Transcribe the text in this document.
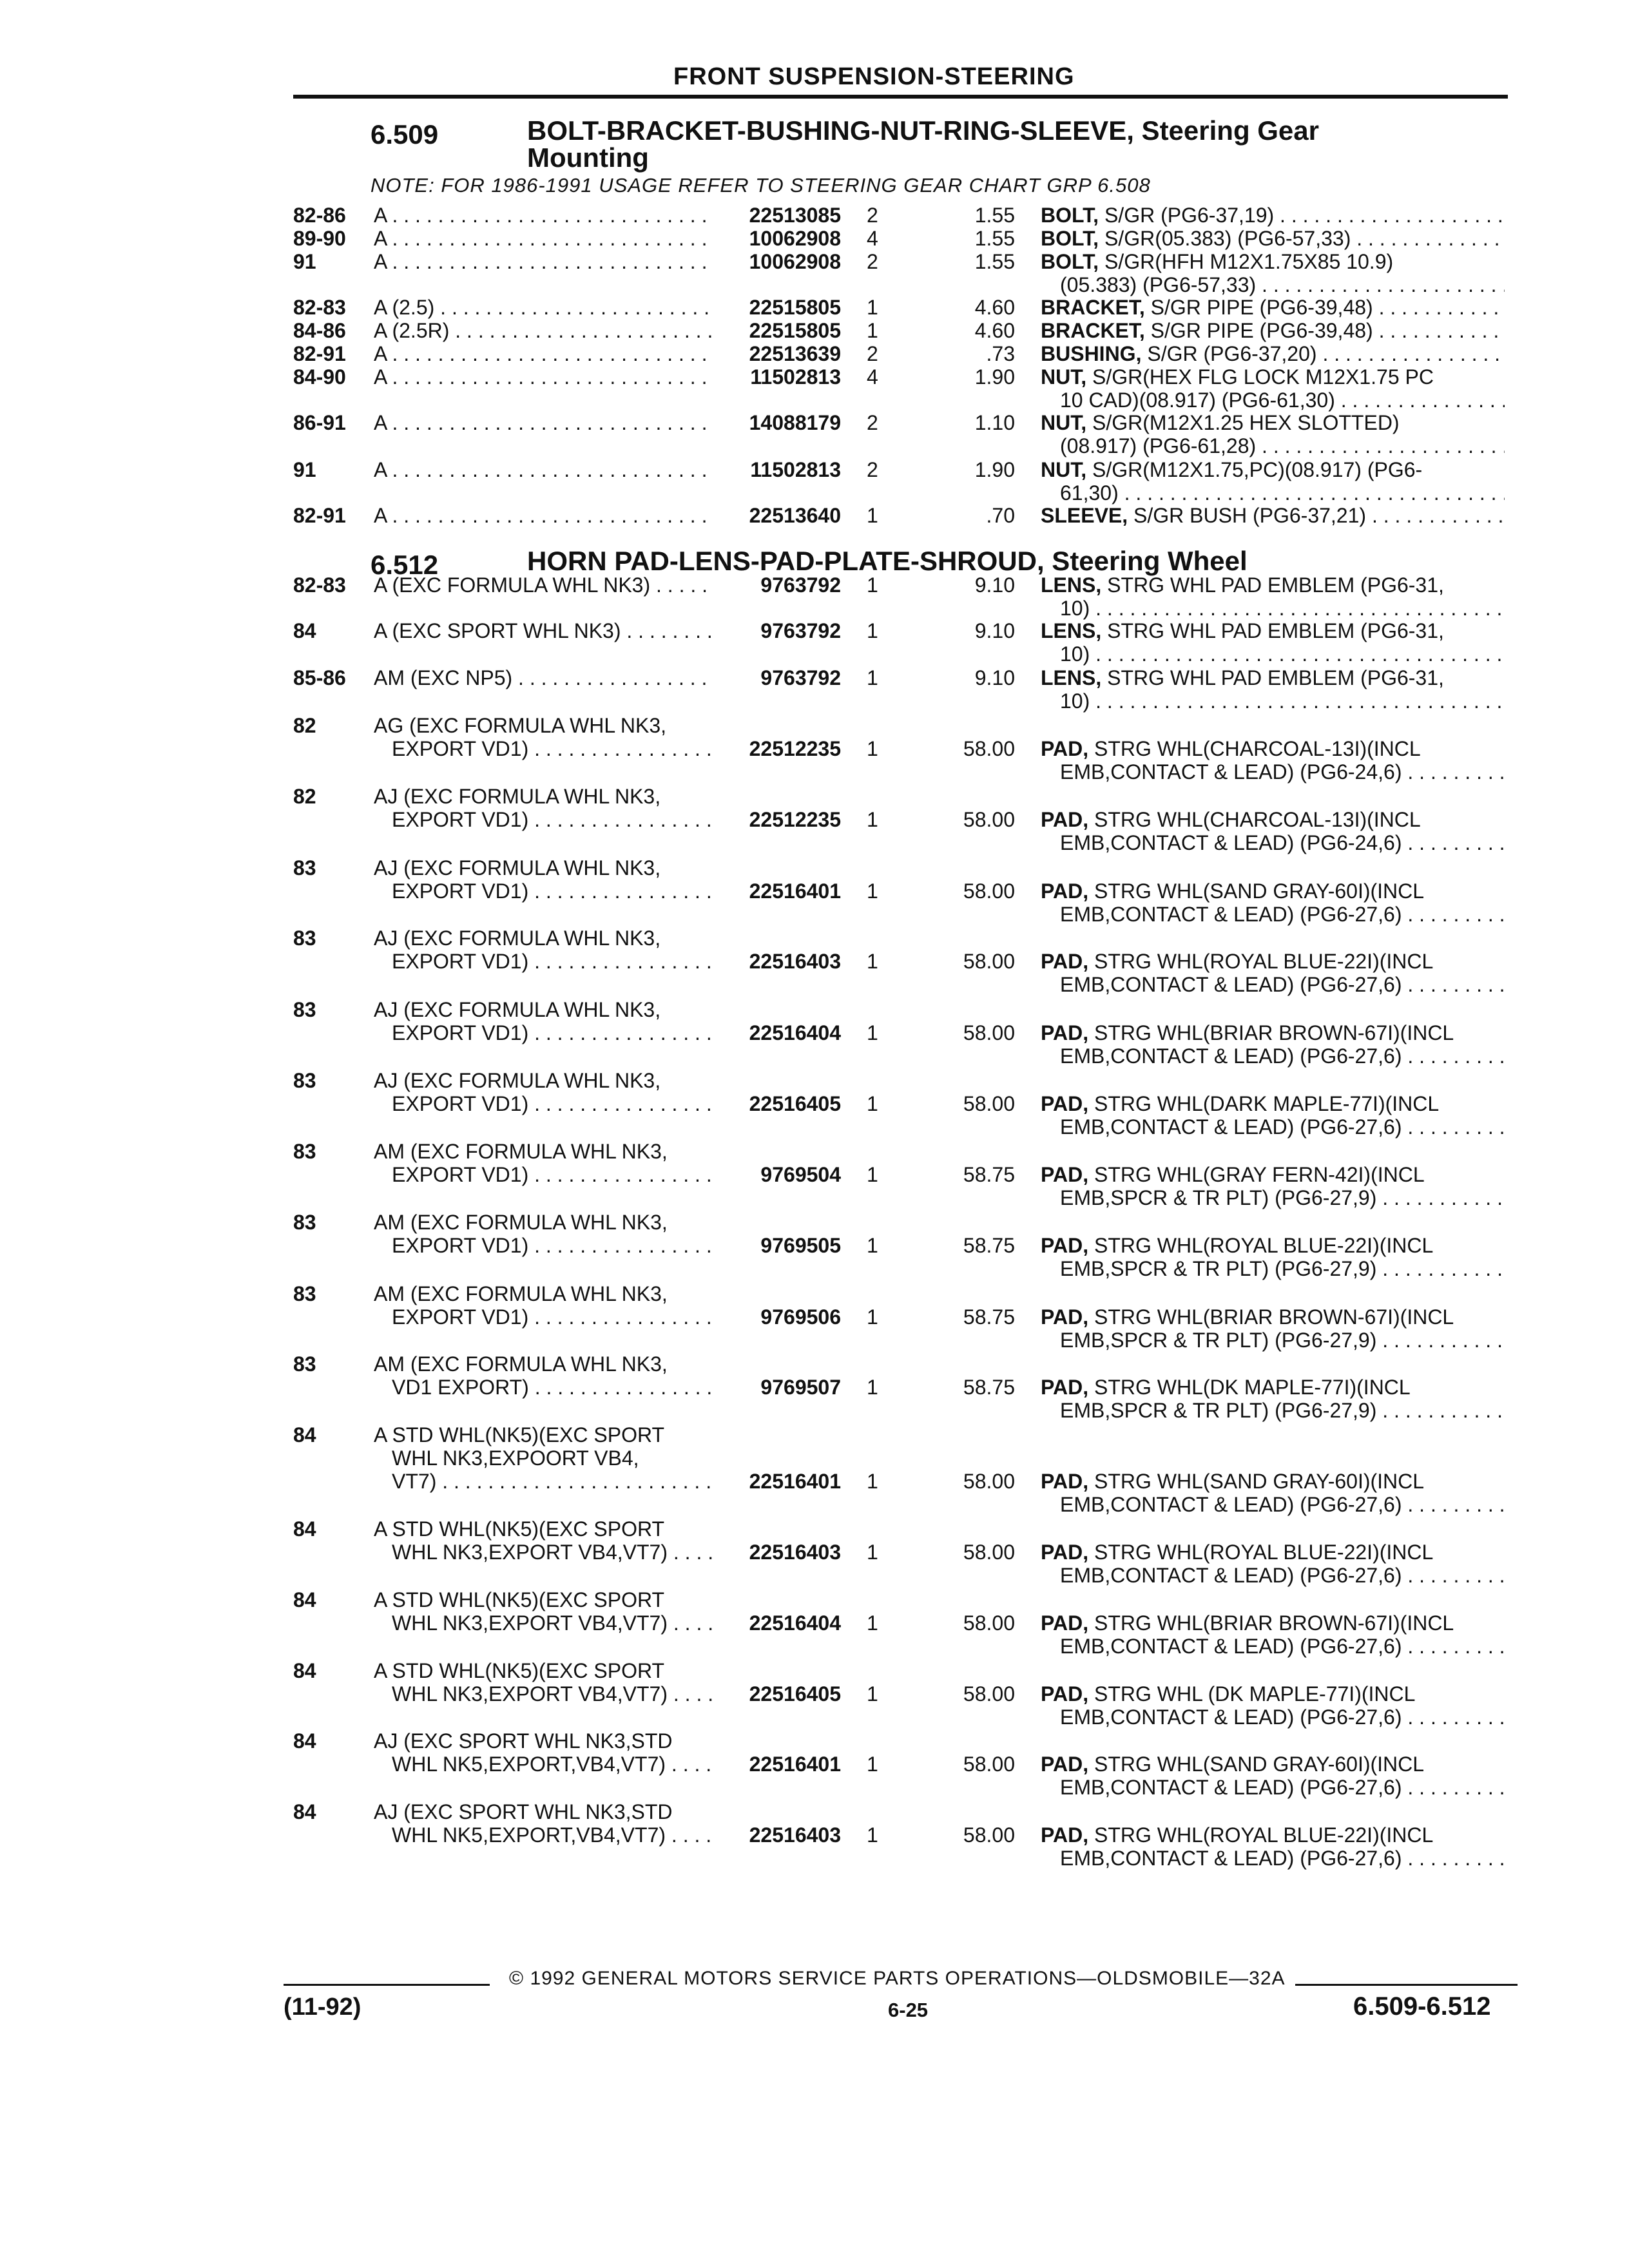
FRONT SUSPENSION-STEERING
6.509	BOLT-BRACKET-BUSHING-NUT-RING-SLEEVE, Steering Gear
Mounting
NOTE: FOR 1986-1991 USAGE REFER TO STEERING GEAR CHART GRP 6.508
6.512	HORN PAD-LENS-PAD-PLATE-SHROUD, Steering Wheel
82-86 A . . .	22513085 2	1.55 BOLT, S/GR (PG6-37,19) . . .
89-90 A . . .	10062908 4	1.55 BOLT, S/GR(05.383) (PG6-57,33) . . .
91	A . . .	10062908 2	1.55 BOLT, S/GR(HFH M12X1.75X85 10.9)
(05.383) (PG6-57,33) . . .
82-83 A (2.5) . . .	22515805 1	4.60 BRACKET, S/GR PIPE (PG6-39,48) . . .
84-86 A (2.5R) . . .	22515805 1	4.60 BRACKET, S/GR PIPE (PG6-39,48) . . .
82-91 A . . .	22513639 2	.73 BUSHING, S/GR (PG6-37,20) . . .
84-90 A . . .	11502813 4	1.90 NUT, S/GR(HEX FLG LOCK M12X1.75 PC
10 CAD)(08.917) (PG6-61,30) . . .
86-91 A . . .	14088179 2	1.10 NUT, S/GR(M12X1.25 HEX SLOTTED)
(08.917) (PG6-61,28) . . .
91	A . . .	11502813 2	1.90 NUT, S/GR(M12X1.75,PC)(08.917) (PG6-
61,30) . . .
82-91 A . . .	22513640 1	.70 SLEEVE, S/GR BUSH (PG6-37,21) . . .
82-83 A (EXC FORMULA WHL NK3) . . .	9763792 1	9.10 LENS, STRG WHL PAD EMBLEM (PG6-31,
10) . . .
84	A (EXC SPORT WHL NK3) . . .	9763792 1	9.10 LENS, STRG WHL PAD EMBLEM (PG6-31,
10) . . .
85-86 AM (EXC NP5) . . .	9763792 1	9.10 LENS, STRG WHL PAD EMBLEM (PG6-31,
10) . . .
82	AG (EXC FORMULA WHL NK3,
EXPORT VD1) . . .	22512235 1	58.00 PAD, STRG WHL(CHARCOAL-13I)(INCL
EMB,CONTACT & LEAD) (PG6-24,6) . . .
82	AJ (EXC FORMULA WHL NK3,
EXPORT VD1) . . .	22512235 1	58.00 PAD, STRG WHL(CHARCOAL-13I)(INCL
EMB,CONTACT & LEAD) (PG6-24,6) . . .
83	AJ (EXC FORMULA WHL NK3,
EXPORT VD1) . . .	22516401 1	58.00 PAD, STRG WHL(SAND GRAY-60I)(INCL
EMB,CONTACT & LEAD) (PG6-27,6) . . .
83	AJ (EXC FORMULA WHL NK3,
EXPORT VD1) . . .	22516403 1	58.00 PAD, STRG WHL(ROYAL BLUE-22I)(INCL
EMB,CONTACT & LEAD) (PG6-27,6) . . .
83	AJ (EXC FORMULA WHL NK3,
EXPORT VD1) . . .	22516404 1	58.00 PAD, STRG WHL(BRIAR BROWN-67I)(INCL
EMB,CONTACT & LEAD) (PG6-27,6) . . .
83	AJ (EXC FORMULA WHL NK3,
EXPORT VD1) . . .	22516405 1	58.00 PAD, STRG WHL(DARK MAPLE-77I)(INCL
EMB,CONTACT & LEAD) (PG6-27,6) . . .
83	AM (EXC FORMULA WHL NK3,
EXPORT VD1) . . .	9769504 1	58.75 PAD, STRG WHL(GRAY FERN-42I)(INCL
EMB,SPCR & TR PLT) (PG6-27,9) . . .
83	AM (EXC FORMULA WHL NK3,
EXPORT VD1) . . .	9769505 1	58.75 PAD, STRG WHL(ROYAL BLUE-22I)(INCL
EMB,SPCR & TR PLT) (PG6-27,9) . . .
83	AM (EXC FORMULA WHL NK3,
EXPORT VD1) . . .	9769506 1	58.75 PAD, STRG WHL(BRIAR BROWN-67I)(INCL
EMB,SPCR & TR PLT) (PG6-27,9) . . .
83	AM (EXC FORMULA WHL NK3,
VD1 EXPORT) . . .	9769507 1	58.75 PAD, STRG WHL(DK MAPLE-77I)(INCL
EMB,SPCR & TR PLT) (PG6-27,9) . . .
84	A STD WHL(NK5)(EXC SPORT
WHL NK3,EXPOORT VB4,
VT7) . . .	22516401 1	58.00 PAD, STRG WHL(SAND GRAY-60I)(INCL
EMB,CONTACT & LEAD) (PG6-27,6) . . .
84	A STD WHL(NK5)(EXC SPORT
WHL NK3,EXPORT VB4,VT7) . . .	22516403 1	58.00 PAD, STRG WHL(ROYAL BLUE-22I)(INCL
EMB,CONTACT & LEAD) (PG6-27,6) . . .
84	A STD WHL(NK5)(EXC SPORT
WHL NK3,EXPORT VB4,VT7) . . .	22516404 1	58.00 PAD, STRG WHL(BRIAR BROWN-67I)(INCL
EMB,CONTACT & LEAD) (PG6-27,6) . . .
84	A STD WHL(NK5)(EXC SPORT
WHL NK3,EXPORT VB4,VT7) . . .	22516405 1	58.00 PAD, STRG WHL (DK MAPLE-77I)(INCL
EMB,CONTACT & LEAD) (PG6-27,6) . . .
84	AJ (EXC SPORT WHL NK3,STD
WHL NK5,EXPORT,VB4,VT7) . . .	22516401 1	58.00 PAD, STRG WHL(SAND GRAY-60I)(INCL
EMB,CONTACT & LEAD) (PG6-27,6) . . .
84	AJ (EXC SPORT WHL NK3,STD
WHL NK5,EXPORT,VB4,VT7) . . .	22516403 1	58.00 PAD, STRG WHL(ROYAL BLUE-22I)(INCL
EMB,CONTACT & LEAD) (PG6-27,6) . . .
© 1992 GENERAL MOTORS SERVICE PARTS OPERATIONS—OLDSMOBILE—32A
(11-92)	6-25	6.509-6.512
